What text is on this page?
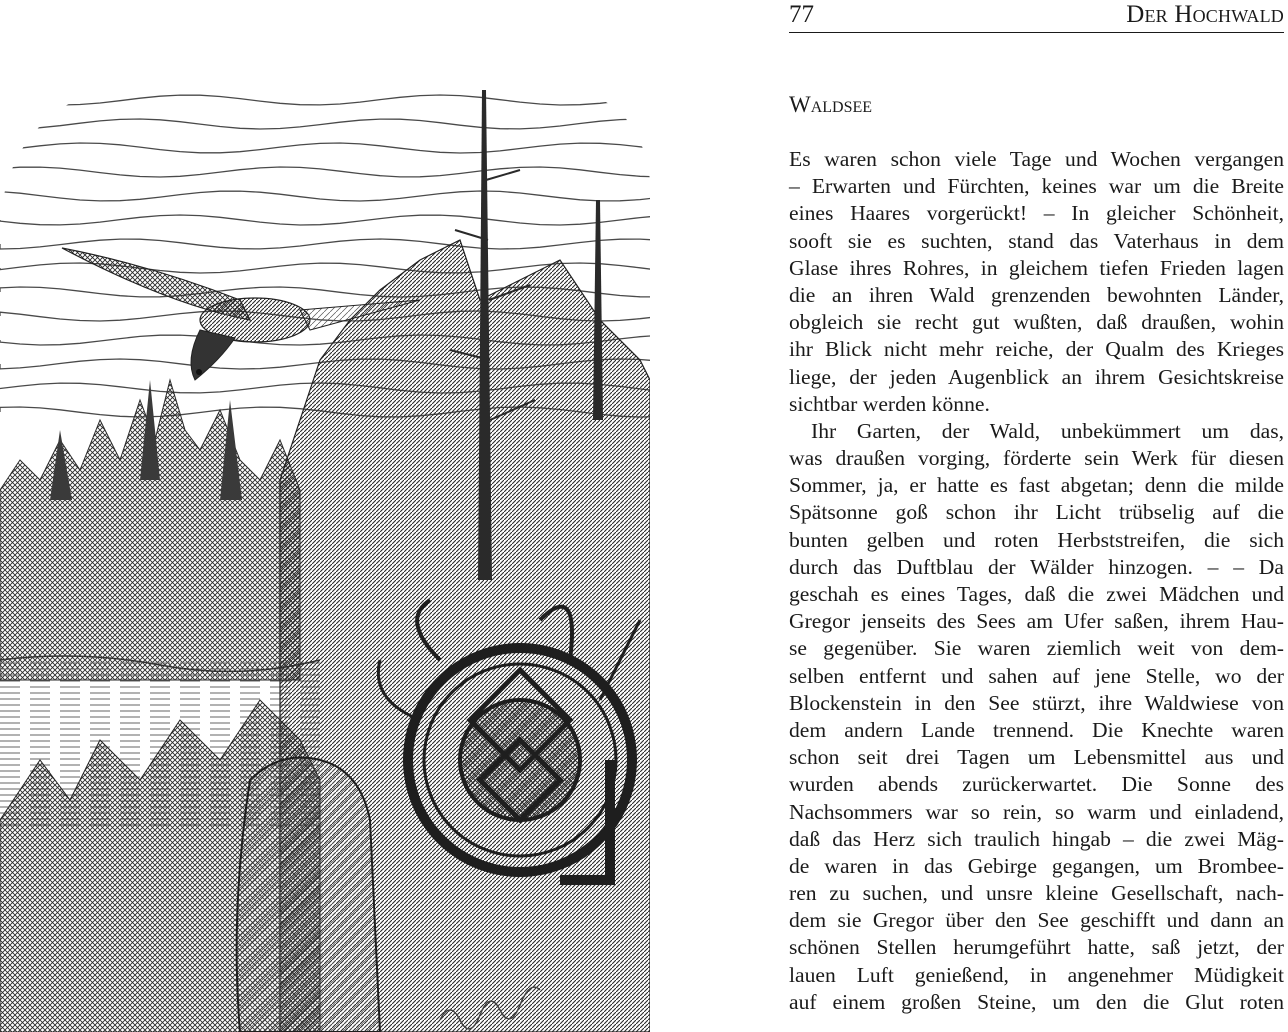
77	Der Hochwald
Waldsee
Es waren schon viele Tage und Wochen vergangen
– Erwarten und Fürchten, keines war um die Breite
eines Haares vorgerückt! – In gleicher Schönheit,
sooft sie es suchten, stand das Vaterhaus in dem
Glase ihres Rohres, in gleichem tiefen Frieden lagen
die an ihren Wald grenzenden bewohnten Länder,
obgleich sie recht gut wußten, daß draußen, wohin
ihr Blick nicht mehr reiche, der Qualm des Krieges
liege, der jeden Augenblick an ihrem Gesichtskreise
sichtbar werden könne.
Ihr Garten, der Wald, unbekümmert um das,
was draußen vorging, förderte sein Werk für diesen
Sommer, ja, er hatte es fast abgetan; denn die milde
Spätsonne goß schon ihr Licht trübselig auf die
bunten gelben und roten Herbststreifen, die sich
durch das Duftblau der Wälder hinzogen. – – Da
geschah es eines Tages, daß die zwei Mädchen und
Gregor jenseits des Sees am Ufer saßen, ihrem Hau-
se gegenüber. Sie waren ziemlich weit von dem-
selben entfernt und sahen auf jene Stelle, wo der
Blockenstein in den See stürzt, ihre Waldwiese von
dem andern Lande trennend. Die Knechte waren
schon seit drei Tagen um Lebensmittel aus und
wurden abends zurückerwartet. Die Sonne des
Nachsommers war so rein, so warm und einladend,
daß das Herz sich traulich hingab – die zwei Mäg-
de waren in das Gebirge gegangen, um Brombee-
ren zu suchen, und unsre kleine Gesellschaft, nach-
dem sie Gregor über den See geschifft und dann an
schönen Stellen herumgeführt hatte, saß jetzt, der
lauen Luft genießend, in angenehmer Müdigkeit
auf einem großen Steine, um den die Glut roten
